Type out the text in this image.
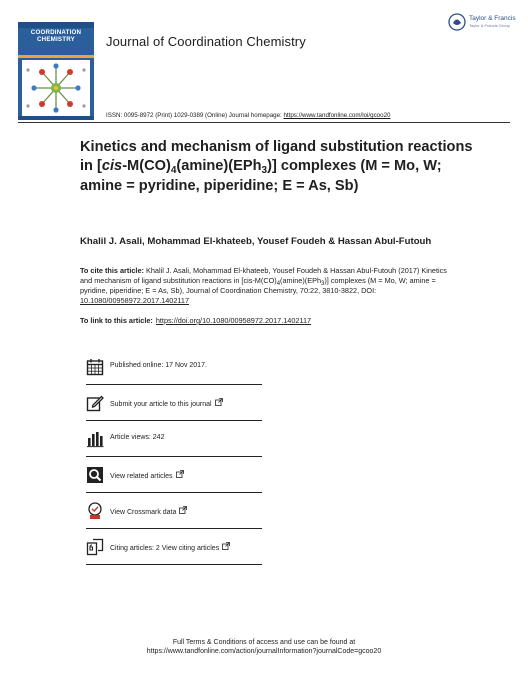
COORDINATION
CHEMISTRY	Journal of Coordination Chemistry
Taylor & Francis
Taylor & Francis Group
ISSN: 0095-8972 (Print) 1029-0389 (Online) Journal homepage: https://www.tandfonline.com/loi/gcoo20
Kinetics and mechanism of ligand substitution reactions in $[cis-M(CO)_4(amine)(EPh_3)]$ complexes (M = Mo, W; amine = pyridine, piperidine; E = As, Sb)
Khalil J. Asali, Mohammad El-khateeb, Yousef Foudeh & Hassan Abul-Futouh
To cite this article: Khalil J. Asali, Mohammad El-khateeb, Yousef Foudeh & Hassan Abul-Futouh (2017) Kinetics and mechanism of ligand substitution reactions in $[cis-M(CO)_4(amine)(EPh_3)]$ complexes (M = Mo, W; amine = pyridine, piperidine; E = As, Sb), Journal of Coordination Chemistry, 70:22, 3810-3822, DOI: 10.1080/00958972.2017.1402117
To link to this article: https://doi.org/10.1080/00958972.2017.1402117
Published online: 17 Nov 2017.
Submit your article to this journal
Article views: 242
View related articles
View Crossmark data
Citing articles: 2 View citing articles
Full Terms & Conditions of access and use can be found at
https://www.tandfonline.com/action/journalInformation?journalCode=gcoo20
